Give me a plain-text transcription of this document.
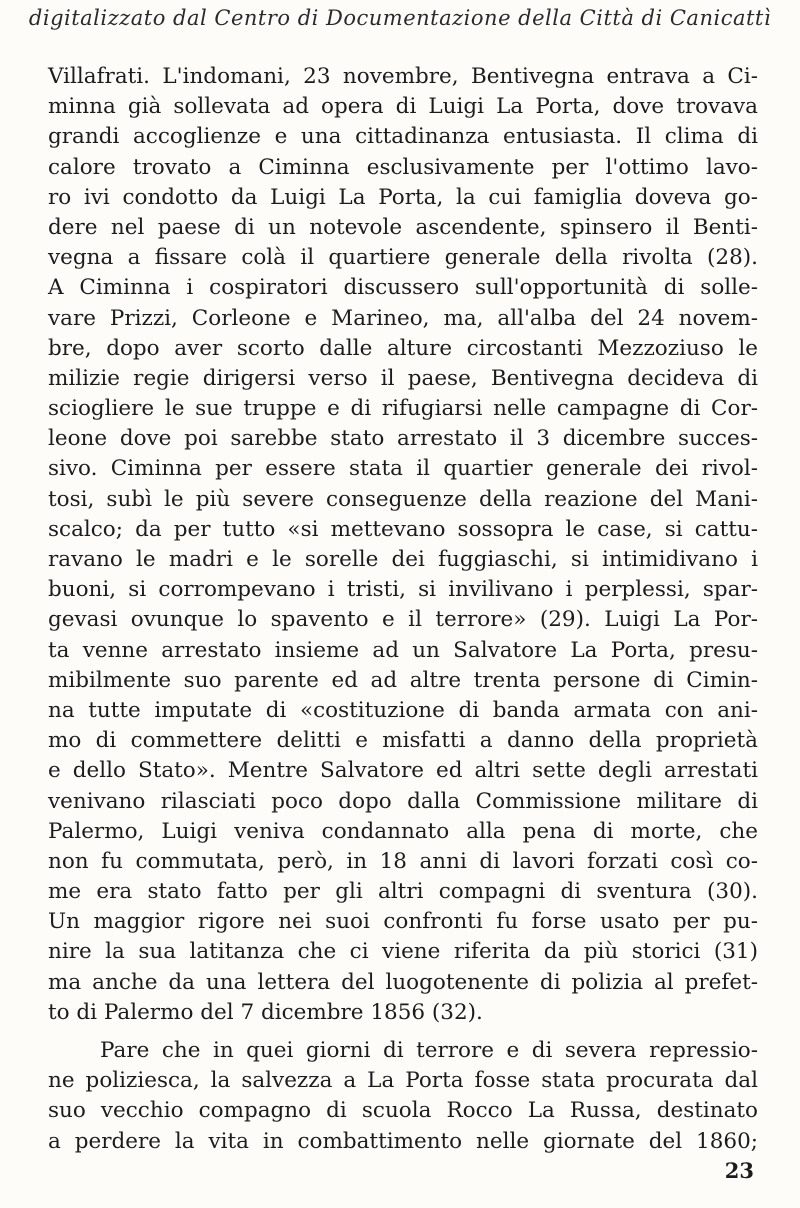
digitalizzato dal Centro di Documentazione della Città di Canicattì
Villafrati. L'indomani, 23 novembre, Bentivegna entrava a Ci-
minna già sollevata ad opera di Luigi La Porta, dove trovava
grandi accoglienze e una cittadinanza entusiasta. Il clima di
calore trovato a Ciminna esclusivamente per l'ottimo lavo-
ro ivi condotto da Luigi La Porta, la cui famiglia doveva go-
dere nel paese di un notevole ascendente, spinsero il Benti-
vegna a fissare colà il quartiere generale della rivolta (28).
A Ciminna i cospiratori discussero sull'opportunità di solle-
vare Prizzi, Corleone e Marineo, ma, all'alba del 24 novem-
bre, dopo aver scorto dalle alture circostanti Mezzoziuso le
milizie regie dirigersi verso il paese, Bentivegna decideva di
sciogliere le sue truppe e di rifugiarsi nelle campagne di Cor-
leone dove poi sarebbe stato arrestato il 3 dicembre succes-
sivo. Ciminna per essere stata il quartier generale dei rivol-
tosi, subì le più severe conseguenze della reazione del Mani-
scalco; da per tutto «si mettevano sossopra le case, si cattu-
ravano le madri e le sorelle dei fuggiaschi, si intimidivano i
buoni, si corrompevano i tristi, si invilivano i perplessi, spar-
gevasi ovunque lo spavento e il terrore» (29). Luigi La Por-
ta venne arrestato insieme ad un Salvatore La Porta, presu-
mibilmente suo parente ed ad altre trenta persone di Cimin-
na tutte imputate di «costituzione di banda armata con ani-
mo di commettere delitti e misfatti a danno della proprietà
e dello Stato». Mentre Salvatore ed altri sette degli arrestati
venivano rilasciati poco dopo dalla Commissione militare di
Palermo, Luigi veniva condannato alla pena di morte, che
non fu commutata, però, in 18 anni di lavori forzati così co-
me era stato fatto per gli altri compagni di sventura (30).
Un maggior rigore nei suoi confronti fu forse usato per pu-
nire la sua latitanza che ci viene riferita da più storici (31)
ma anche da una lettera del luogotenente di polizia al prefet-
to di Palermo del 7 dicembre 1856 (32).
Pare che in quei giorni di terrore e di severa repressio-
ne poliziesca, la salvezza a La Porta fosse stata procurata dal
suo vecchio compagno di scuola Rocco La Russa, destinato
a perdere la vita in combattimento nelle giornate del 1860;
23
